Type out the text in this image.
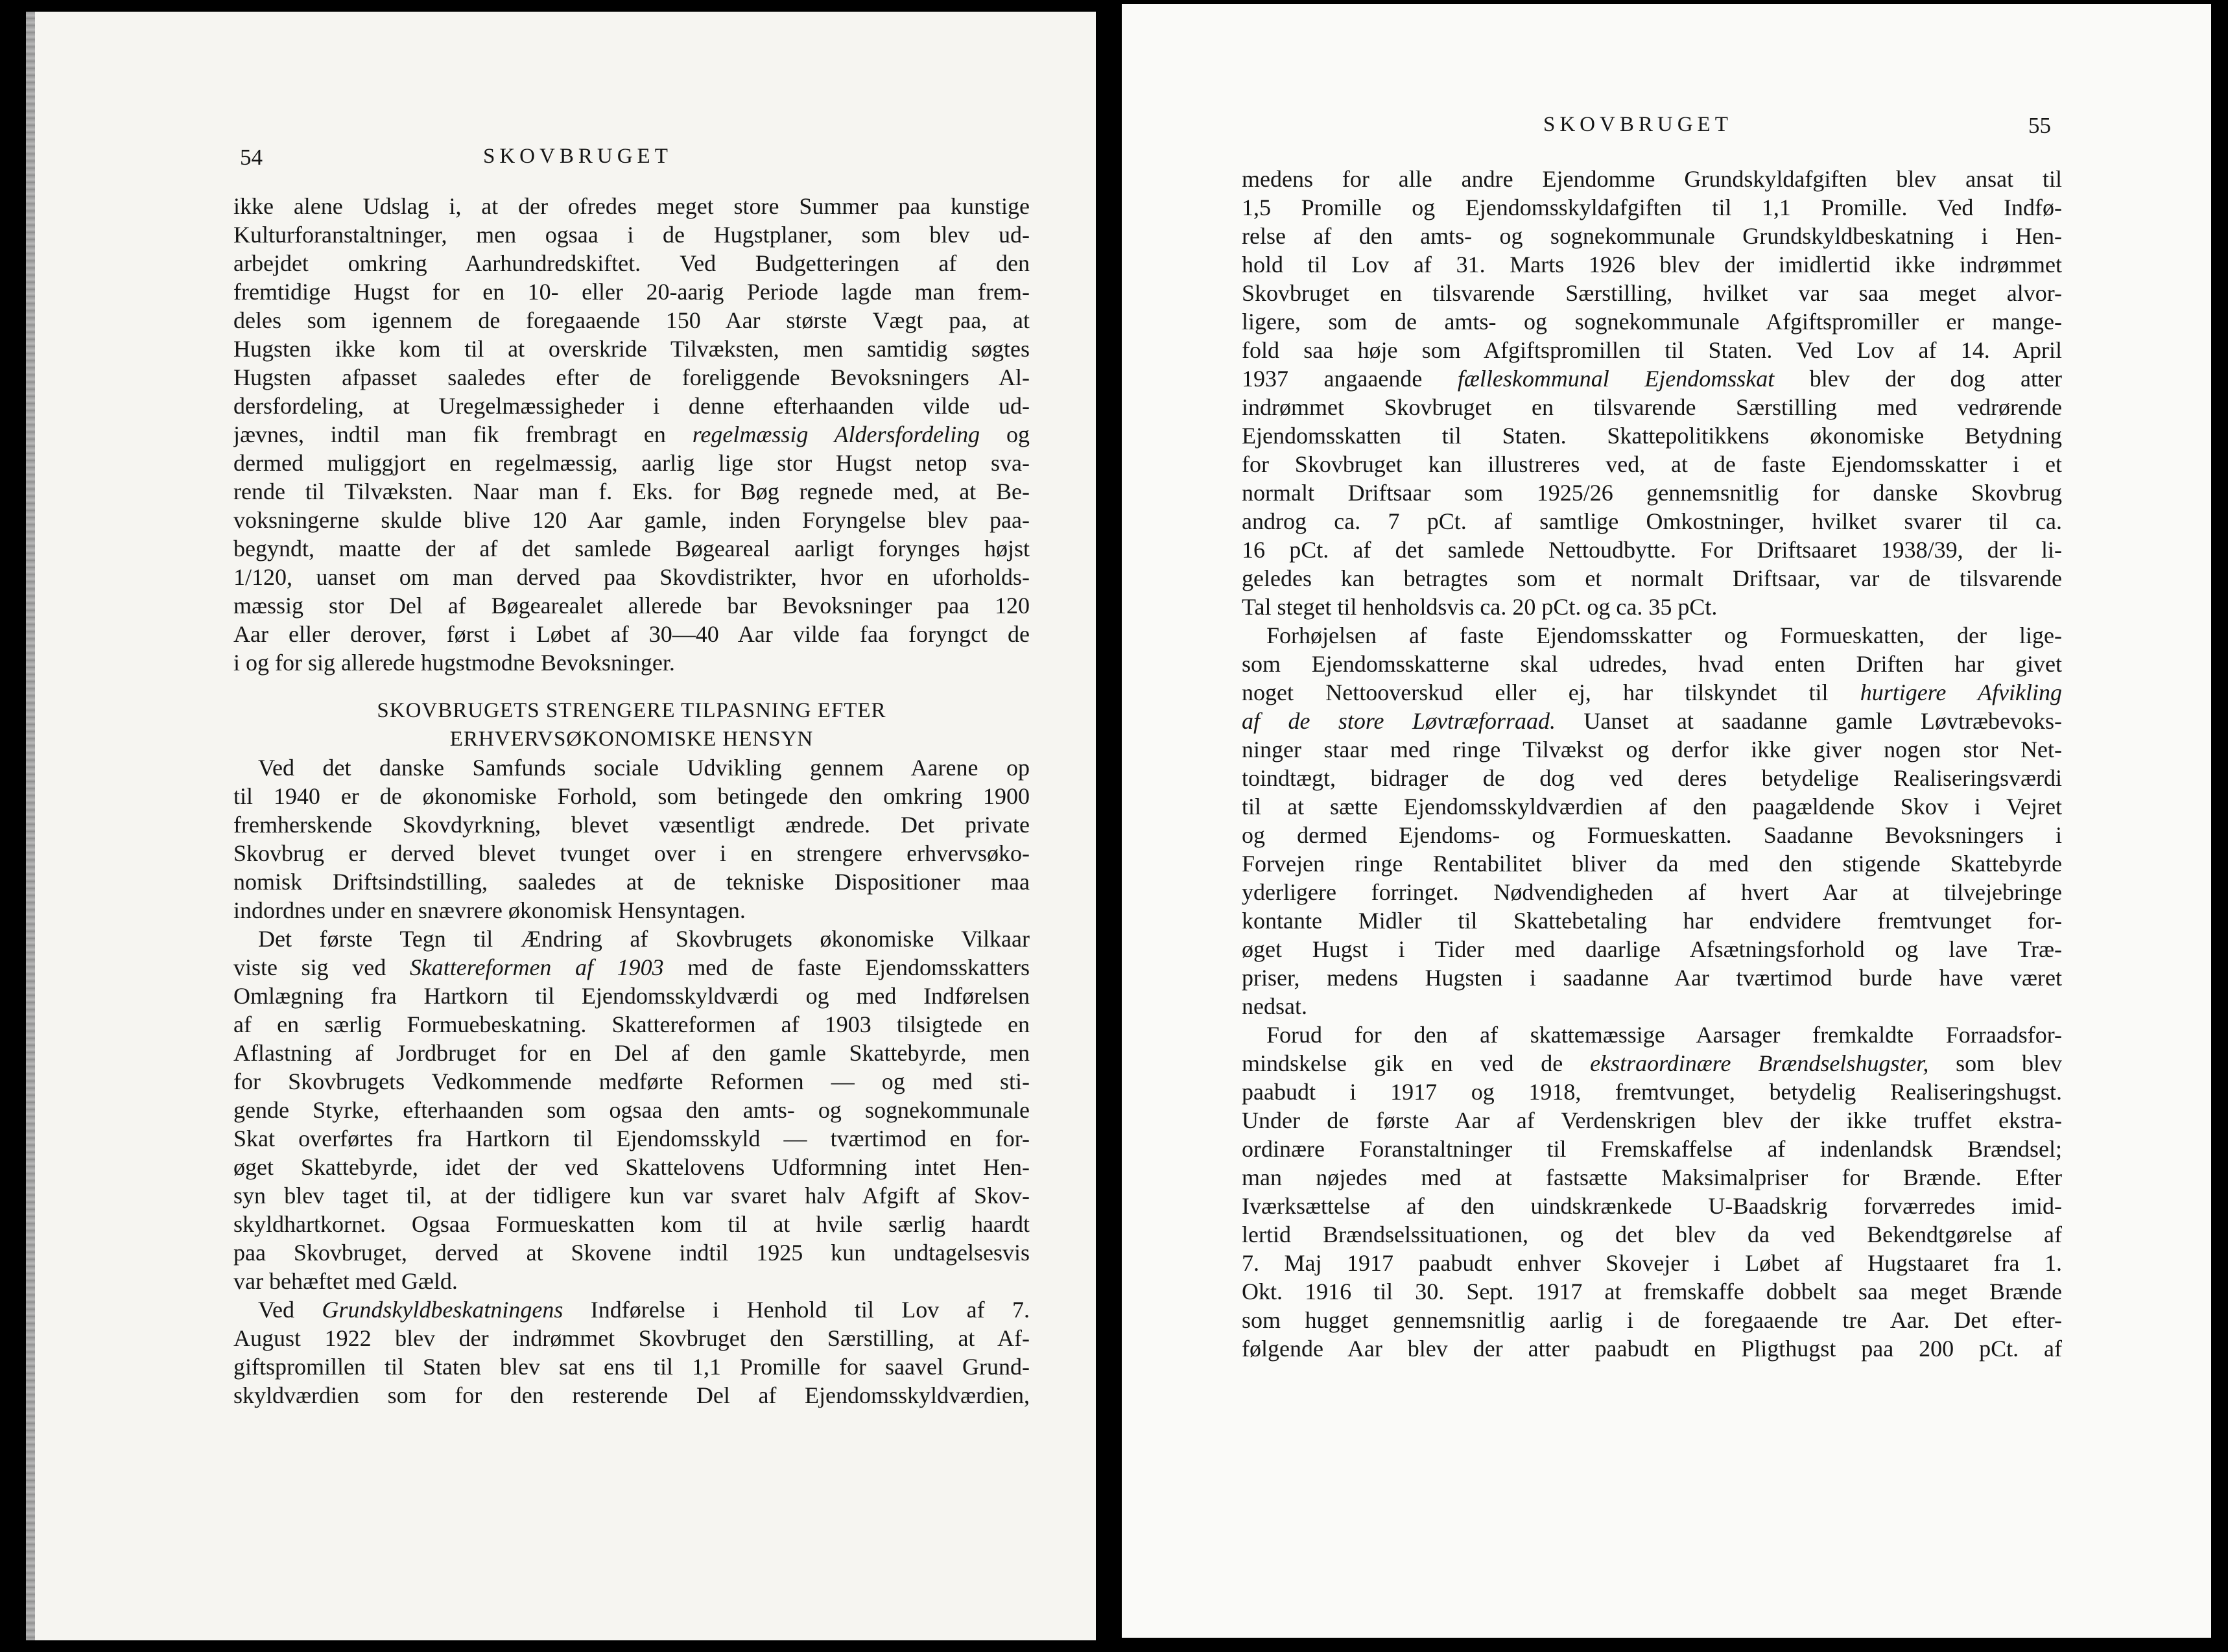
54	SKOVBRUGET
ikke alene Udslag i, at der ofredes meget store Summer paa kunstige
Kulturforanstaltninger, men ogsaa i de Hugstplaner, som blev ud-
arbejdet omkring Aarhundredskiftet. Ved Budgetteringen af den
fremtidige Hugst for en 10- eller 20-aarig Periode lagde man frem-
deles som igennem de foregaaende 150 Aar største Vægt paa, at
Hugsten ikke kom til at overskride Tilvæksten, men samtidig søgtes
Hugsten afpasset saaledes efter de foreliggende Bevoksningers Al-
dersfordeling, at Uregelmæssigheder i denne efterhaanden vilde ud-
jævnes, indtil man fik frembragt en regelmæssig Aldersfordeling og
dermed muliggjort en regelmæssig, aarlig lige stor Hugst netop sva-
rende til Tilvæksten. Naar man f. Eks. for Bøg regnede med, at Be-
voksningerne skulde blive 120 Aar gamle, inden Foryngelse blev paa-
begyndt, maatte der af det samlede Bøgeareal aarligt forynges højst
1/120, uanset om man derved paa Skovdistrikter, hvor en uforholds-
mæssig stor Del af Bøgearealet allerede bar Bevoksninger paa 120
Aar eller derover, først i Løbet af 30—40 Aar vilde faa foryngct de
i og for sig allerede hugstmodne Bevoksninger.
SKOVBRUGETS STRENGERE TILPASNING EFTER
ERHVERVSØKONOMISKE HENSYN
Ved det danske Samfunds sociale Udvikling gennem Aarene op
til 1940 er de økonomiske Forhold, som betingede den omkring 1900
fremherskende Skovdyrkning, blevet væsentligt ændrede. Det private
Skovbrug er derved blevet tvunget over i en strengere erhvervsøko-
nomisk Driftsindstilling, saaledes at de tekniske Dispositioner maa
indordnes under en snævrere økonomisk Hensyntagen.
Det første Tegn til Ændring af Skovbrugets økonomiske Vilkaar
viste sig ved Skattereformen af 1903 med de faste Ejendomsskatters
Omlægning fra Hartkorn til Ejendomsskyldværdi og med Indførelsen
af en særlig Formuebeskatning. Skattereformen af 1903 tilsigtede en
Aflastning af Jordbruget for en Del af den gamle Skattebyrde, men
for Skovbrugets Vedkommende medførte Reformen — og med sti-
gende Styrke, efterhaanden som ogsaa den amts- og sognekommunale
Skat overførtes fra Hartkorn til Ejendomsskyld — tværtimod en for-
øget Skattebyrde, idet der ved Skattelovens Udformning intet Hen-
syn blev taget til, at der tidligere kun var svaret halv Afgift af Skov-
skyldhartkornet. Ogsaa Formueskatten kom til at hvile særlig haardt
paa Skovbruget, derved at Skovene indtil 1925 kun undtagelsesvis
var behæftet med Gæld.
Ved Grundskyldbeskatningens Indførelse i Henhold til Lov af 7.
August 1922 blev der indrømmet Skovbruget den Særstilling, at Af-
giftspromillen til Staten blev sat ens til 1,1 Promille for saavel Grund-
skyldværdien som for den resterende Del af Ejendomsskyldværdien,
SKOVBRUGET	55
medens for alle andre Ejendomme Grundskyldafgiften blev ansat til
1,5 Promille og Ejendomsskyldafgiften til 1,1 Promille. Ved Indfø-
relse af den amts- og sognekommunale Grundskyldbeskatning i Hen-
hold til Lov af 31. Marts 1926 blev der imidlertid ikke indrømmet
Skovbruget en tilsvarende Særstilling, hvilket var saa meget alvor-
ligere, som de amts- og sognekommunale Afgiftspromiller er mange-
fold saa høje som Afgiftspromillen til Staten. Ved Lov af 14. April
1937 angaaende fælleskommunal Ejendomsskat blev der dog atter
indrømmet Skovbruget en tilsvarende Særstilling med vedrørende
Ejendomsskatten til Staten. Skattepolitikkens økonomiske Betydning
for Skovbruget kan illustreres ved, at de faste Ejendomsskatter i et
normalt Driftsaar som 1925/26 gennemsnitlig for danske Skovbrug
androg ca. 7 pCt. af samtlige Omkostninger, hvilket svarer til ca.
16 pCt. af det samlede Nettoudbytte. For Driftsaaret 1938/39, der li-
geledes kan betragtes som et normalt Driftsaar, var de tilsvarende
Tal steget til henholdsvis ca. 20 pCt. og ca. 35 pCt.
Forhøjelsen af faste Ejendomsskatter og Formueskatten, der lige-
som Ejendomsskatterne skal udredes, hvad enten Driften har givet
noget Nettooverskud eller ej, har tilskyndet til hurtigere Afvikling
af de store Løvtræforraad. Uanset at saadanne gamle Løvtræbevoks-
ninger staar med ringe Tilvækst og derfor ikke giver nogen stor Net-
toindtægt, bidrager de dog ved deres betydelige Realiseringsværdi
til at sætte Ejendomsskyldværdien af den paagældende Skov i Vejret
og dermed Ejendoms- og Formueskatten. Saadanne Bevoksningers i
Forvejen ringe Rentabilitet bliver da med den stigende Skattebyrde
yderligere forringet. Nødvendigheden af hvert Aar at tilvejebringe
kontante Midler til Skattebetaling har endvidere fremtvunget for-
øget Hugst i Tider med daarlige Afsætningsforhold og lave Træ-
priser, medens Hugsten i saadanne Aar tværtimod burde have været
nedsat.
Forud for den af skattemæssige Aarsager fremkaldte Forraadsfor-
mindskelse gik en ved de ekstraordinære Brændselshugster, som blev
paabudt i 1917 og 1918, fremtvunget, betydelig Realiseringshugst.
Under de første Aar af Verdenskrigen blev der ikke truffet ekstra-
ordinære Foranstaltninger til Fremskaffelse af indenlandsk Brændsel;
man nøjedes med at fastsætte Maksimalpriser for Brænde. Efter
Iværksættelse af den uindskrænkede U-Baadskrig forværredes imid-
lertid Brændselssituationen, og det blev da ved Bekendtgørelse af
7. Maj 1917 paabudt enhver Skovejer i Løbet af Hugstaaret fra 1.
Okt. 1916 til 30. Sept. 1917 at fremskaffe dobbelt saa meget Brænde
som hugget gennemsnitlig aarlig i de foregaaende tre Aar. Det efter-
følgende Aar blev der atter paabudt en Pligthugst paa 200 pCt. af
